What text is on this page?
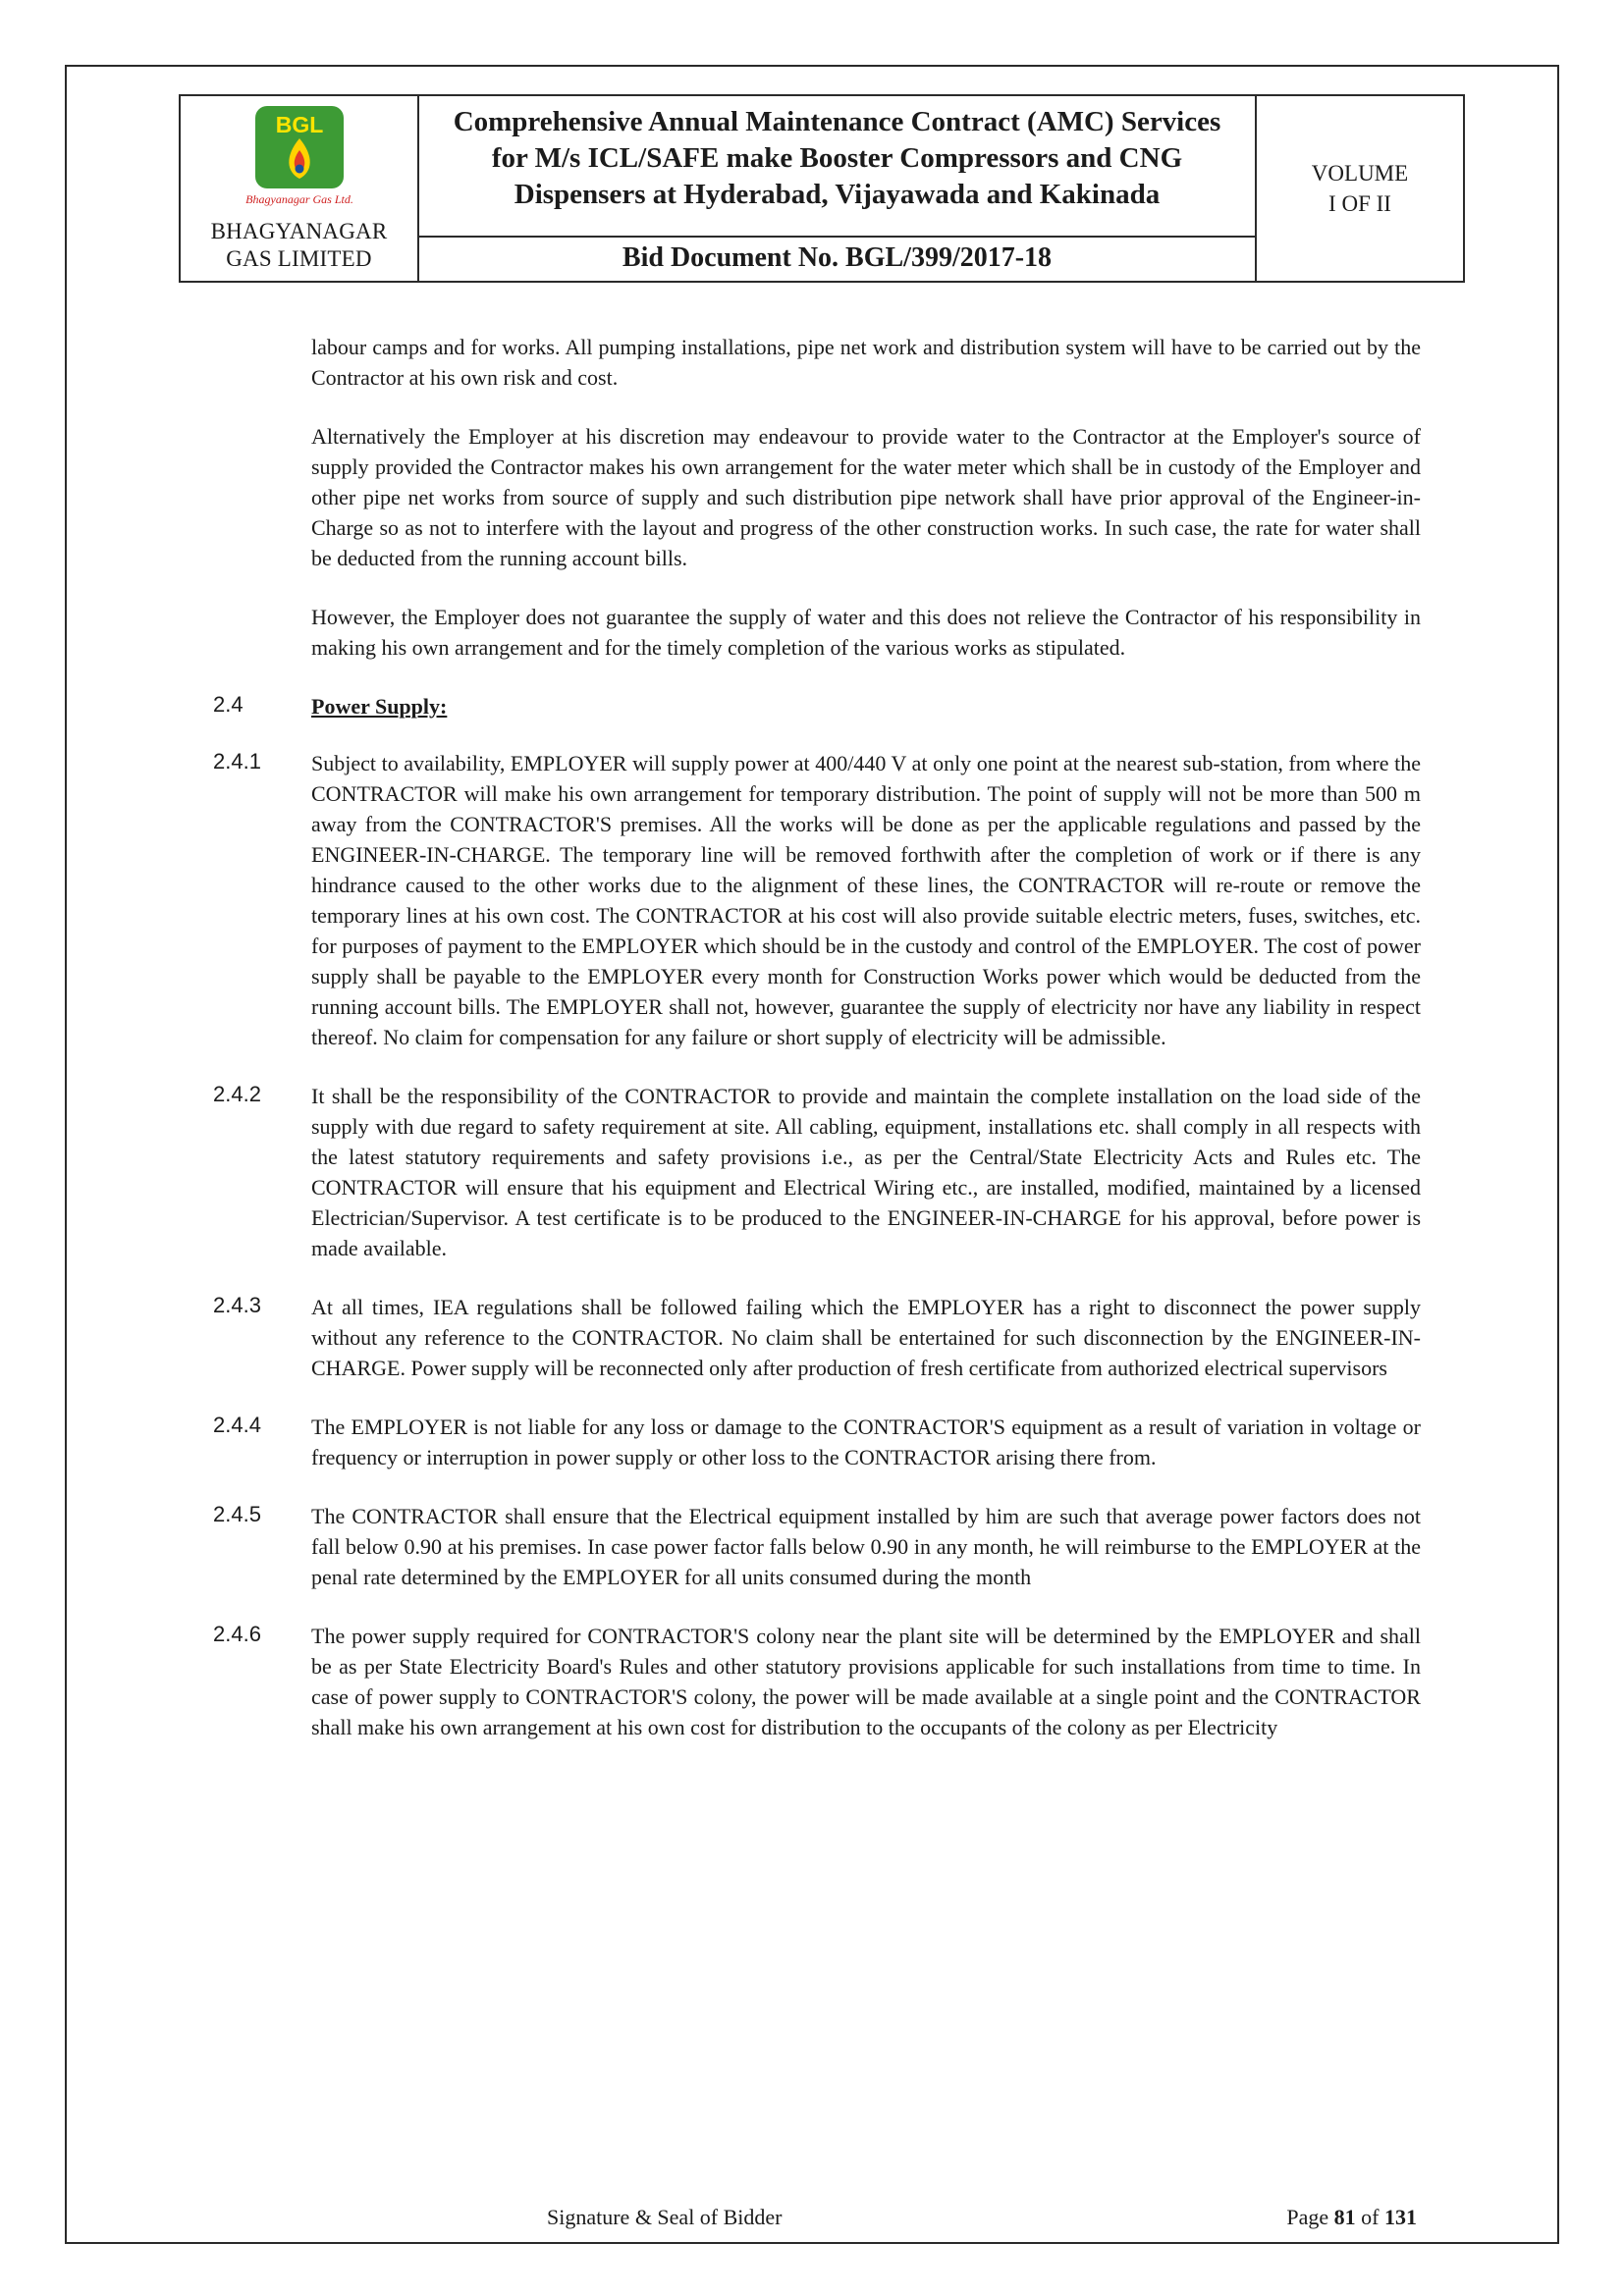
BGL
Bhagyanagar Gas Ltd.
BHAGYANAGAR
GAS LIMITED
Comprehensive Annual Maintenance Contract (AMC) Services for M/s ICL/SAFE make Booster Compressors and CNG Dispensers at Hyderabad, Vijayawada and Kakinada
Bid Document No. BGL/399/2017-18
VOLUME
I OF II
labour camps and for works. All pumping installations, pipe net work and distribution system will have to be carried out by the Contractor at his own risk and cost.
Alternatively the Employer at his discretion may endeavour to provide water to the Contractor at the Employer's source of supply provided the Contractor makes his own arrangement for the water meter which shall be in custody of the Employer and other pipe net works from source of supply and such distribution pipe network shall have prior approval of the Engineer-in-Charge so as not to interfere with the layout and progress of the other construction works. In such case, the rate for water shall be deducted from the running account bills.
However, the Employer does not guarantee the supply of water and this does not relieve the Contractor of his responsibility in making his own arrangement and for the timely completion of the various works as stipulated.
2.4	Power Supply:
2.4.1	Subject to availability, EMPLOYER will supply power at 400/440 V at only one point at the nearest sub-station, from where the CONTRACTOR will make his own arrangement for temporary distribution. The point of supply will not be more than 500 m away from the CONTRACTOR'S premises. All the works will be done as per the applicable regulations and passed by the ENGINEER-IN-CHARGE. The temporary line will be removed forthwith after the completion of work or if there is any hindrance caused to the other works due to the alignment of these lines, the CONTRACTOR will re-route or remove the temporary lines at his own cost. The CONTRACTOR at his cost will also provide suitable electric meters, fuses, switches, etc. for purposes of payment to the EMPLOYER which should be in the custody and control of the EMPLOYER. The cost of power supply shall be payable to the EMPLOYER every month for Construction Works power which would be deducted from the running account bills. The EMPLOYER shall not, however, guarantee the supply of electricity nor have any liability in respect thereof. No claim for compensation for any failure or short supply of electricity will be admissible.
2.4.2	It shall be the responsibility of the CONTRACTOR to provide and maintain the complete installation on the load side of the supply with due regard to safety requirement at site. All cabling, equipment, installations etc. shall comply in all respects with the latest statutory requirements and safety provisions i.e., as per the Central/State Electricity Acts and Rules etc. The CONTRACTOR will ensure that his equipment and Electrical Wiring etc., are installed, modified, maintained by a licensed Electrician/Supervisor. A test certificate is to be produced to the ENGINEER-IN-CHARGE for his approval, before power is made available.
2.4.3	At all times, IEA regulations shall be followed failing which the EMPLOYER has a right to disconnect the power supply without any reference to the CONTRACTOR. No claim shall be entertained for such disconnection by the ENGINEER-IN-CHARGE. Power supply will be reconnected only after production of fresh certificate from authorized electrical supervisors
2.4.4	The EMPLOYER is not liable for any loss or damage to the CONTRACTOR'S equipment as a result of variation in voltage or frequency or interruption in power supply or other loss to the CONTRACTOR arising there from.
2.4.5	The CONTRACTOR shall ensure that the Electrical equipment installed by him are such that average power factors does not fall below 0.90 at his premises. In case power factor falls below 0.90 in any month, he will reimburse to the EMPLOYER at the penal rate determined by the EMPLOYER for all units consumed during the month
2.4.6	The power supply required for CONTRACTOR'S colony near the plant site will be determined by the EMPLOYER and shall be as per State Electricity Board's Rules and other statutory provisions applicable for such installations from time to time. In case of power supply to CONTRACTOR'S colony, the power will be made available at a single point and the CONTRACTOR shall make his own arrangement at his own cost for distribution to the occupants of the colony as per Electricity
Signature & Seal of Bidder	Page 81 of 131
